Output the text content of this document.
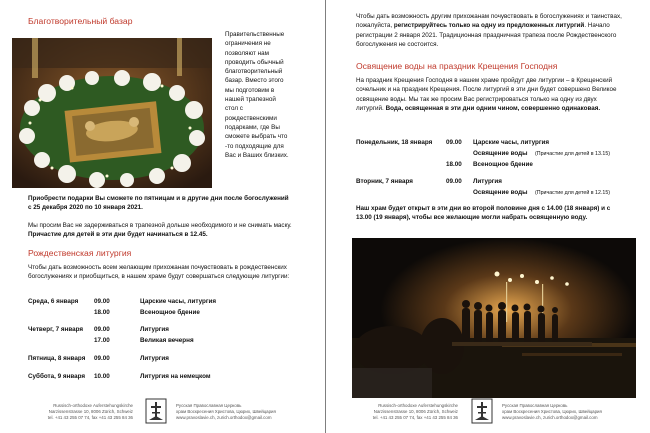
Благотворительный базар

Правительственные

ограничения не

позволяют нам

проводить обычный

благотворительный

базар. Вместо этого

мы подготовим в

нашей трапезной

стол с

рождественскими

подарками, где Вы

сможете выбрать что

-то подходящие для

Вас и Ваших близких.

Приобрести подарки Вы сможете по пятницам и в другие дни после богослужений с 25 декабря 2020 по 10 января 2021.

Мы просим Вас не задерживаться в трапезной дольше необходимого и не снимать маску. Причастие для детей в эти дни будет начинаться в 12.45.

Рождественская литургия

Чтобы дать возможность всем желающим прихожанам почувствовать в рождественских богослужениях и приобщиться, в нашем храме будут совершаться следующие литургии:

Среда, 6 января 09.00	Царские часы, литургия
18.00	Всенощное бдение
Четверг, 7 января 09.00	Литургия
17.00	Великая вечерня
Пятница, 8 января 09.00	Литургия
Суббота, 9 января 10.00	Литургия на немецком
Russisch-orthodoxe Auferstehungskirche
Narzissenstrasse 10, 8006 Zürich, Schweiz
tel. +41 43 255 07 74, fax +41 43 255 84 36
Русская Православная Церковь
храм Воскресения Христова, Цюрих, Швейцария
www.pravoslavie.ch, zurich.orthodox@gmail.com

Чтобы дать возможность другим прихожанам почувствовать в богослужениях и таинствах, пожалуйста, регистрируйтесь только на одну из предложенных литургий. Начало регистрации 2 января 2021. Традиционная праздничная трапеза после Рождественского богослужения не состоится.

Освящение воды на праздник Крещения Господня

На праздник Крещения Господня в нашем храме пройдут две литургии – в Крещенский сочельник и на праздник Крещения. После литургий в эти дни будет совершено Великое освящение воды. Мы так же просим Вас регистрироваться только на одну из двух литургий. Вода, освященная в эти дни одним чином, совершенно одинаковая.

Понедельник, 18 января 09.00 Царские часы, литургия
Освящение воды (Причастие для детей в 13.15)
18.00 Всенощное бдение
Вторник, 7 января	09.00 Литургия
Освящение воды (Причастие для детей в 12.15)

Наш храм будет открыт в эти дни во второй половине дня с 14.00 (18 января) и с 13.00 (19 января), чтобы все желающие могли набрать освященную воду.

Russisch-orthodoxe Auferstehungskirche
Narzissenstrasse 10, 8006 Zürich, Schweiz
tel. +41 43 255 07 74, fax +41 43 255 84 36
Русская Православная Церковь
храм Воскресения Христова, Цюрих, Швейцария
www.pravoslavie.ch, zurich.orthodox@gmail.com
